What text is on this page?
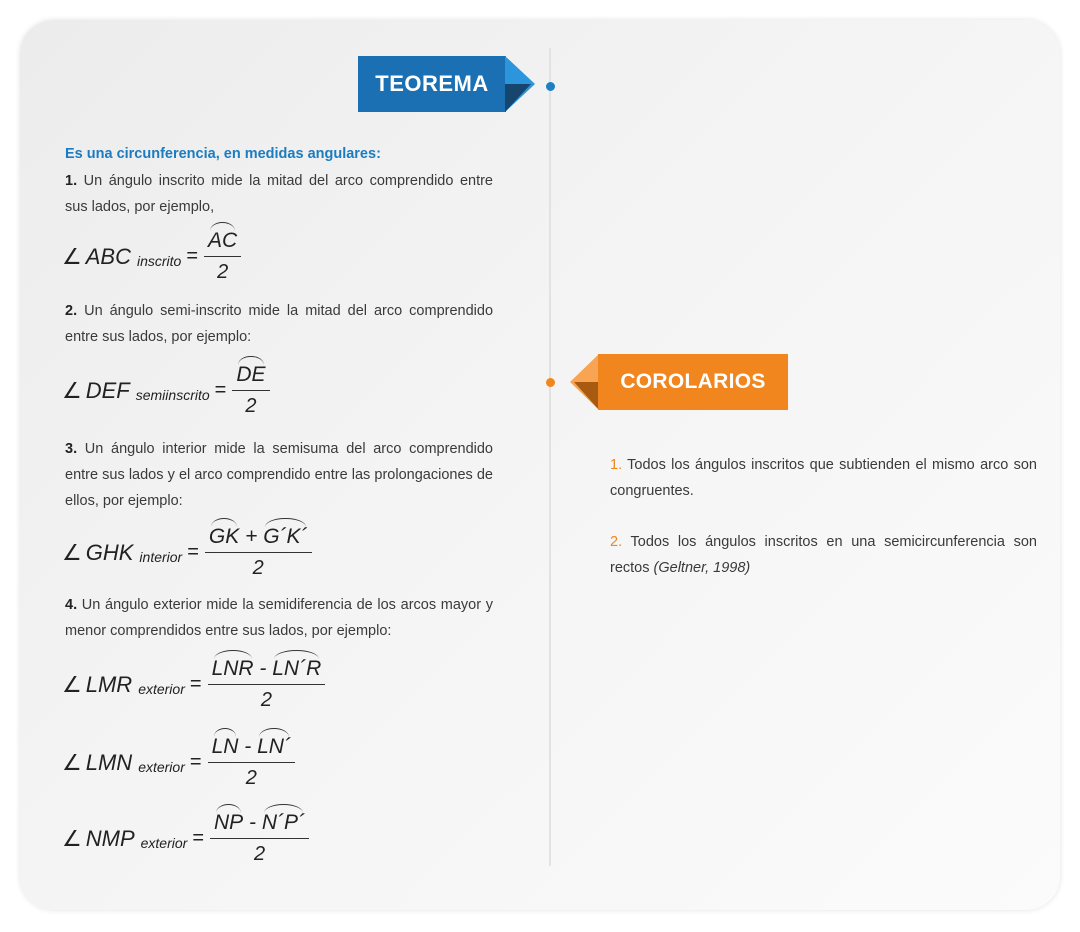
TEOREMA
Es una circunferencia, en medidas angulares:
1. Un ángulo inscrito mide la mitad del arco comprendido entre sus lados, por ejemplo,
∠ ABC inscrito = $\frac{AC}{2}$
2. Un ángulo semi-inscrito mide la mitad del arco comprendido entre sus lados, por ejemplo:
∠ DEF semiinscrito = $\frac{DE}{2}$
3. Un ángulo interior mide la semisuma del arco comprendido entre sus lados y el arco comprendido entre las prolongaciones de ellos, por ejemplo:
∠ GHK interior = $\frac{GK + G´K´}{2}$
4. Un ángulo exterior mide la semidiferencia de los arcos mayor y menor comprendidos entre sus lados, por ejemplo:
∠ LMR exterior = $\frac{\text{LNR - LN´R}}{2}$
∠ LMN exterior = $\frac{LN - LN´}{2}$
∠ NMP exterior = $\frac{NP - N´P´}{2}$
COROLARIOS
1. Todos los ángulos inscritos que subtienden el mismo arco son congruentes.
2. Todos los ángulos inscritos en una semicircunferencia son rectos (Geltner, 1998)
